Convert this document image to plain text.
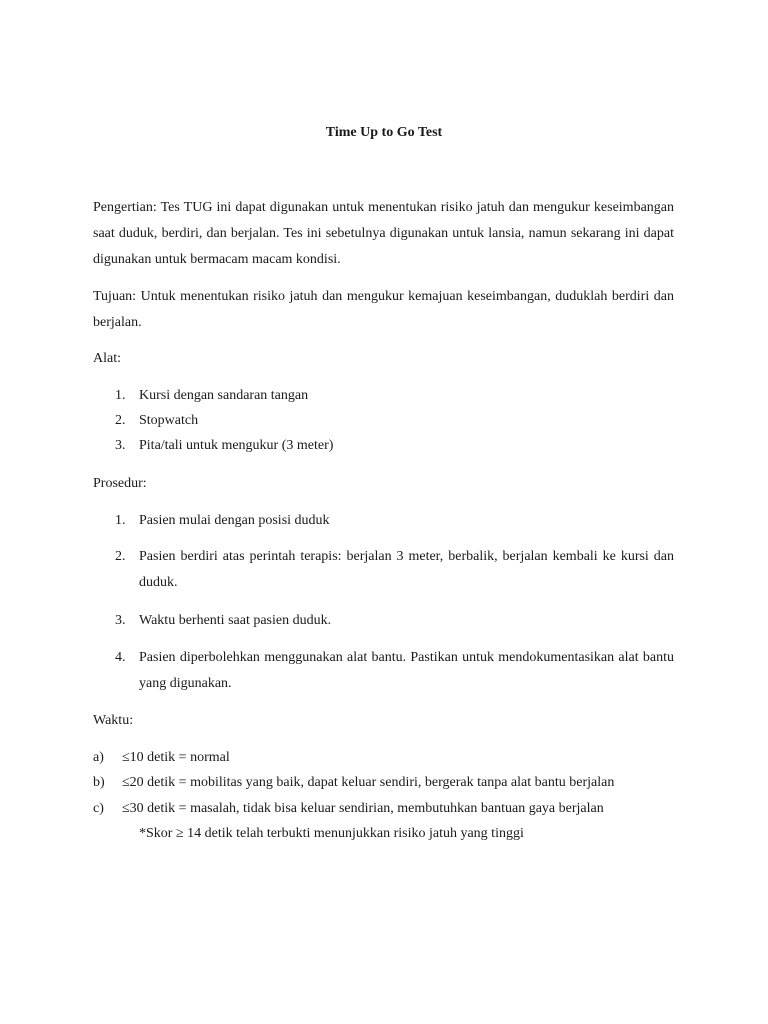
Time Up to Go Test

Pengertian: Tes TUG ini dapat digunakan untuk menentukan risiko jatuh dan mengukur keseimbangan saat duduk, berdiri, dan berjalan. Tes ini sebetulnya digunakan untuk lansia, namun sekarang ini dapat digunakan untuk bermacam macam kondisi.

Tujuan: Untuk menentukan risiko jatuh dan mengukur kemajuan keseimbangan, duduklah berdiri dan berjalan.

Alat:
1. Kursi dengan sandaran tangan
2. Stopwatch
3. Pita/tali untuk mengukur (3 meter)
Prosedur:
1. Pasien mulai dengan posisi duduk
2. Pasien berdiri atas perintah terapis: berjalan 3 meter, berbalik, berjalan kembali ke kursi dan duduk.
3. Waktu berhenti saat pasien duduk.
4. Pasien diperbolehkan menggunakan alat bantu. Pastikan untuk mendokumentasikan alat bantu yang digunakan.
Waktu:
a) ≤10 detik = normal
b) ≤20 detik = mobilitas yang baik, dapat keluar sendiri, bergerak tanpa alat bantu berjalan
c) ≤30 detik = masalah, tidak bisa keluar sendirian, membutuhkan bantuan gaya berjalan
*Skor ≥ 14 detik telah terbukti menunjukkan risiko jatuh yang tinggi
